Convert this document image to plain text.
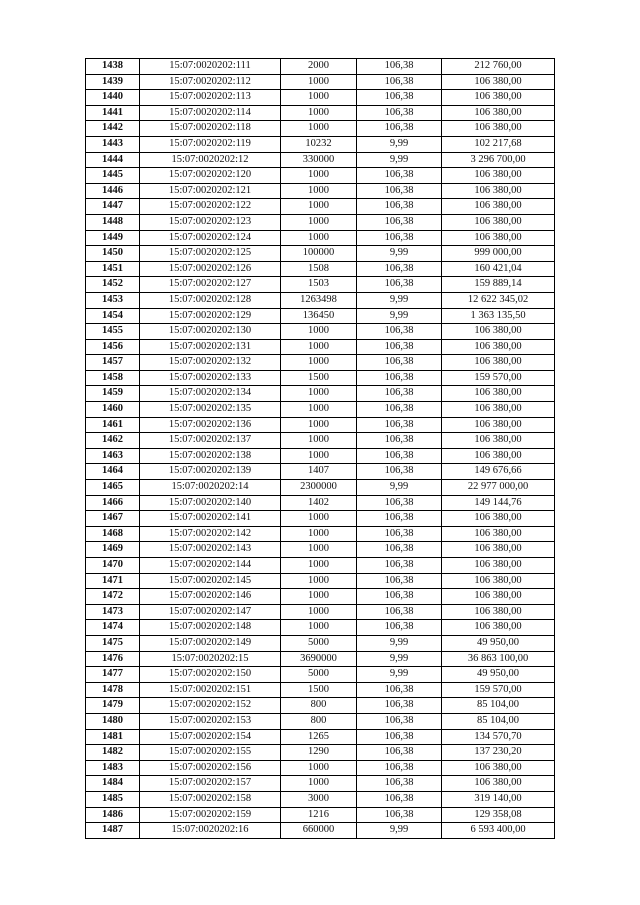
1438	15:07:0020202:111	2000	106,38	212 760,00
1439	15:07:0020202:112	1000	106,38	106 380,00
1440	15:07:0020202:113	1000	106,38	106 380,00
1441	15:07:0020202:114	1000	106,38	106 380,00
1442	15:07:0020202:118	1000	106,38	106 380,00
1443	15:07:0020202:119	10232	9,99	102 217,68
1444	15:07:0020202:12	330000	9,99	3 296 700,00
1445	15:07:0020202:120	1000	106,38	106 380,00
1446	15:07:0020202:121	1000	106,38	106 380,00
1447	15:07:0020202:122	1000	106,38	106 380,00
1448	15:07:0020202:123	1000	106,38	106 380,00
1449	15:07:0020202:124	1000	106,38	106 380,00
1450	15:07:0020202:125	100000	9,99	999 000,00
1451	15:07:0020202:126	1508	106,38	160 421,04
1452	15:07:0020202:127	1503	106,38	159 889,14
1453	15:07:0020202:128	1263498	9,99	12 622 345,02
1454	15:07:0020202:129	136450	9,99	1 363 135,50
1455	15:07:0020202:130	1000	106,38	106 380,00
1456	15:07:0020202:131	1000	106,38	106 380,00
1457	15:07:0020202:132	1000	106,38	106 380,00
1458	15:07:0020202:133	1500	106,38	159 570,00
1459	15:07:0020202:134	1000	106,38	106 380,00
1460	15:07:0020202:135	1000	106,38	106 380,00
1461	15:07:0020202:136	1000	106,38	106 380,00
1462	15:07:0020202:137	1000	106,38	106 380,00
1463	15:07:0020202:138	1000	106,38	106 380,00
1464	15:07:0020202:139	1407	106,38	149 676,66
1465	15:07:0020202:14	2300000	9,99	22 977 000,00
1466	15:07:0020202:140	1402	106,38	149 144,76
1467	15:07:0020202:141	1000	106,38	106 380,00
1468	15:07:0020202:142	1000	106,38	106 380,00
1469	15:07:0020202:143	1000	106,38	106 380,00
1470	15:07:0020202:144	1000	106,38	106 380,00
1471	15:07:0020202:145	1000	106,38	106 380,00
1472	15:07:0020202:146	1000	106,38	106 380,00
1473	15:07:0020202:147	1000	106,38	106 380,00
1474	15:07:0020202:148	1000	106,38	106 380,00
1475	15:07:0020202:149	5000	9,99	49 950,00
1476	15:07:0020202:15	3690000	9,99	36 863 100,00
1477	15:07:0020202:150	5000	9,99	49 950,00
1478	15:07:0020202:151	1500	106,38	159 570,00
1479	15:07:0020202:152	800	106,38	85 104,00
1480	15:07:0020202:153	800	106,38	85 104,00
1481	15:07:0020202:154	1265	106,38	134 570,70
1482	15:07:0020202:155	1290	106,38	137 230,20
1483	15:07:0020202:156	1000	106,38	106 380,00
1484	15:07:0020202:157	1000	106,38	106 380,00
1485	15:07:0020202:158	3000	106,38	319 140,00
1486	15:07:0020202:159	1216	106,38	129 358,08
1487	15:07:0020202:16	660000	9,99	6 593 400,00
